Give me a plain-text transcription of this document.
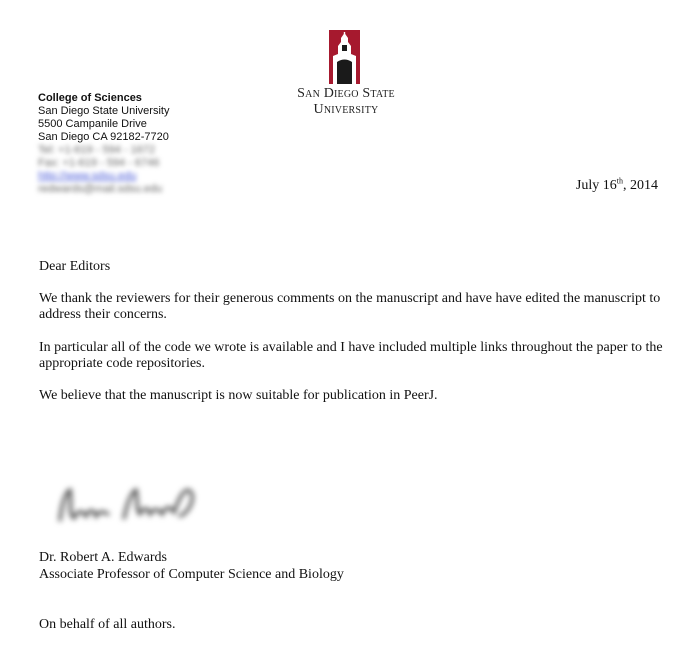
San Diego State
University
College of Sciences
San Diego State University
5500 Campanile Drive
San Diego CA 92182-7720
Tel: +1-619 - 594 - 1672
Fax: +1-619 - 594 - 6746
http://www.sdsu.edu
redwards@mail.sdsu.edu	July 16th, 2014
Dear Editors
We thank the reviewers for their generous comments on the manuscript and have have edited the manuscript to address their concerns.
In particular all of the code we wrote is available and I have included multiple links throughout the paper to the appropriate code repositories.
We believe that the manuscript is now suitable for publication in PeerJ.
Dr. Robert A. Edwards
Associate Professor of Computer Science and Biology
On behalf of all authors.
